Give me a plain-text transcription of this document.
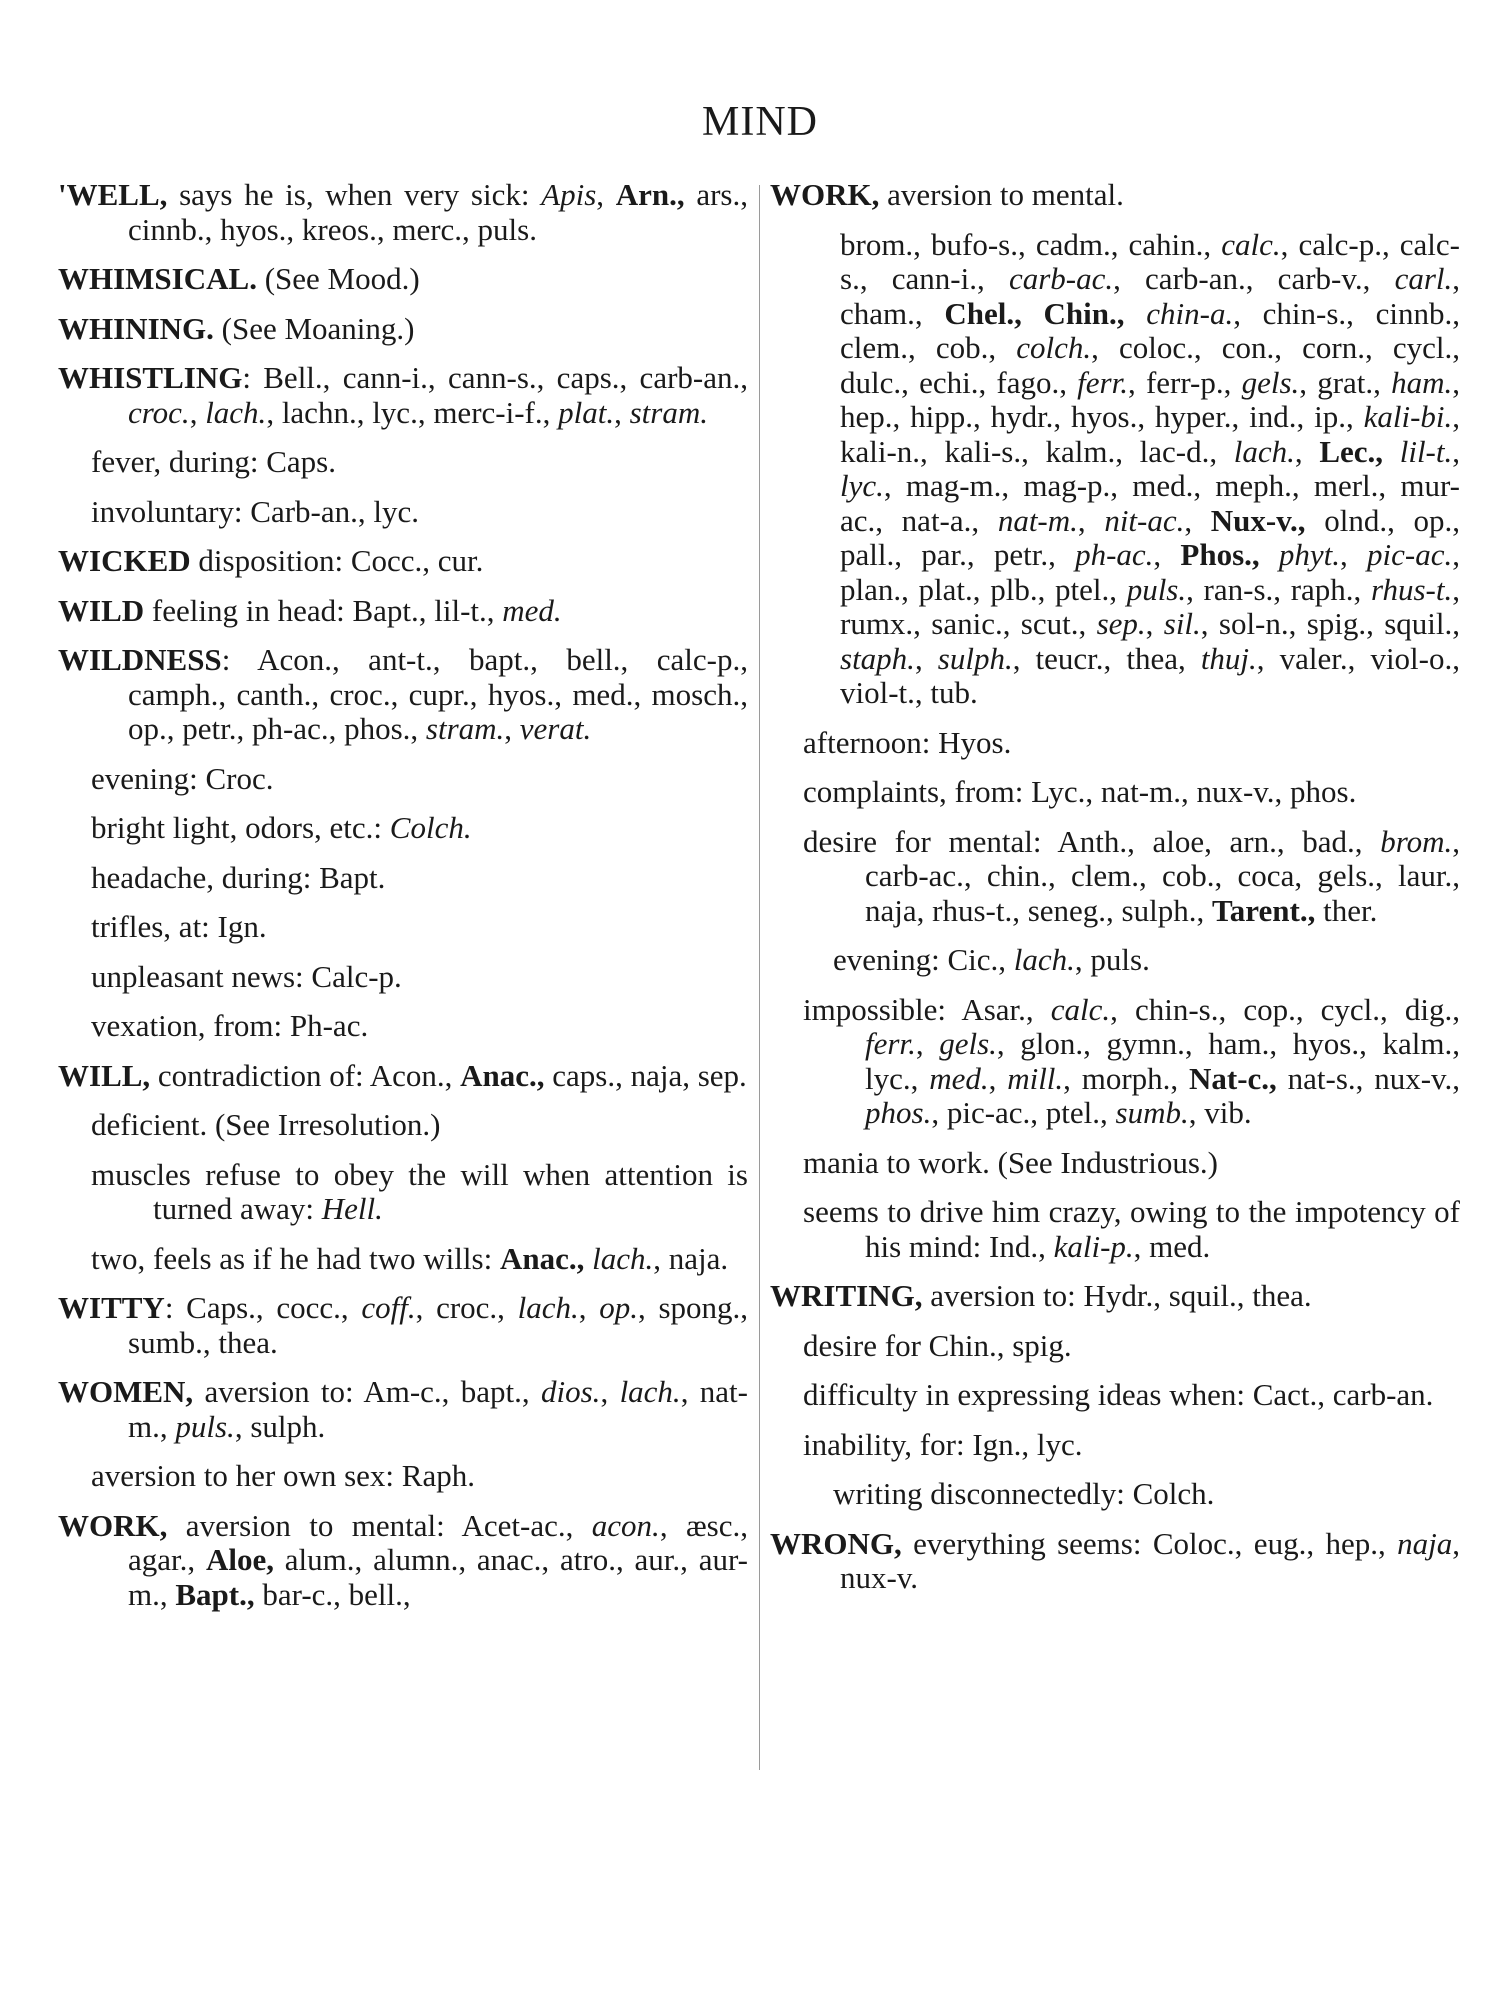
MIND

'WELL, says he is, when very sick: Apis, Arn., ars., cinnb., hyos., kreos., merc., puls.

WHIMSICAL. (See Mood.)

WHINING. (See Moaning.)

WHISTLING: Bell., cann-i., cann-s., caps., carb-an., croc., lach., lachn., lyc., merc-i-f., plat., stram.

fever, during: Caps.

involuntary: Carb-an., lyc.

WICKED disposition: Cocc., cur.

WILD feeling in head: Bapt., lil-t., med.

WILDNESS: Acon., ant-t., bapt., bell., calc-p., camph., canth., croc., cupr., hyos., med., mosch., op., petr., ph-ac., phos., stram., verat.

evening: Croc.

bright light, odors, etc.: Colch.

headache, during: Bapt.

trifles, at: Ign.

unpleasant news: Calc-p.

vexation, from: Ph-ac.

WILL, contradiction of: Acon., Anac., caps., naja, sep.

deficient. (See Irresolution.)

muscles refuse to obey the will when attention is turned away: Hell.

two, feels as if he had two wills: Anac., lach., naja.

WITTY: Caps., cocc., coff., croc., lach., op., spong., sumb., thea.

WOMEN, aversion to: Am-c., bapt., dios., lach., nat-m., puls., sulph.

aversion to her own sex: Raph.

WORK, aversion to mental: Acet-ac., acon., æsc., agar., Aloe, alum., alumn., anac., atro., aur., aur-m., Bapt., bar-c., bell.,

WORK, aversion to mental.

brom., bufo-s., cadm., cahin., calc., calc-p., calc-s., cann-i., carb-ac., carb-an., carb-v., carl., cham., Chel., Chin., chin-a., chin-s., cinnb., clem., cob., colch., coloc., con., corn., cycl., dulc., echi., fago., ferr., ferr-p., gels., grat., ham., hep., hipp., hydr., hyos., hyper., ind., ip., kali-bi., kali-n., kali-s., kalm., lac-d., lach., Lec., lil-t., lyc., mag-m., mag-p., med., meph., merl., mur-ac., nat-a., nat-m., nit-ac., Nux-v., olnd., op., pall., par., petr., ph-ac., Phos., phyt., pic-ac., plan., plat., plb., ptel., puls., ran-s., raph., rhus-t., rumx., sanic., scut., sep., sil., sol-n., spig., squil., staph., sulph., teucr., thea, thuj., valer., viol-o., viol-t., tub.

afternoon: Hyos.

complaints, from: Lyc., nat-m., nux-v., phos.

desire for mental: Anth., aloe, arn., bad., brom., carb-ac., chin., clem., cob., coca, gels., laur., naja, rhus-t., seneg., sulph., Tarent., ther.

evening: Cic., lach., puls.

impossible: Asar., calc., chin-s., cop., cycl., dig., ferr., gels., glon., gymn., ham., hyos., kalm., lyc., med., mill., morph., Nat-c., nat-s., nux-v., phos., pic-ac., ptel., sumb., vib.

mania to work. (See Industrious.)

seems to drive him crazy, owing to the impotency of his mind: Ind., kali-p., med.

WRITING, aversion to: Hydr., squil., thea.

desire for Chin., spig.

difficulty in expressing ideas when: Cact., carb-an.

inability, for: Ign., lyc.

writing disconnectedly: Colch.

WRONG, everything seems: Coloc., eug., hep., naja, nux-v.
